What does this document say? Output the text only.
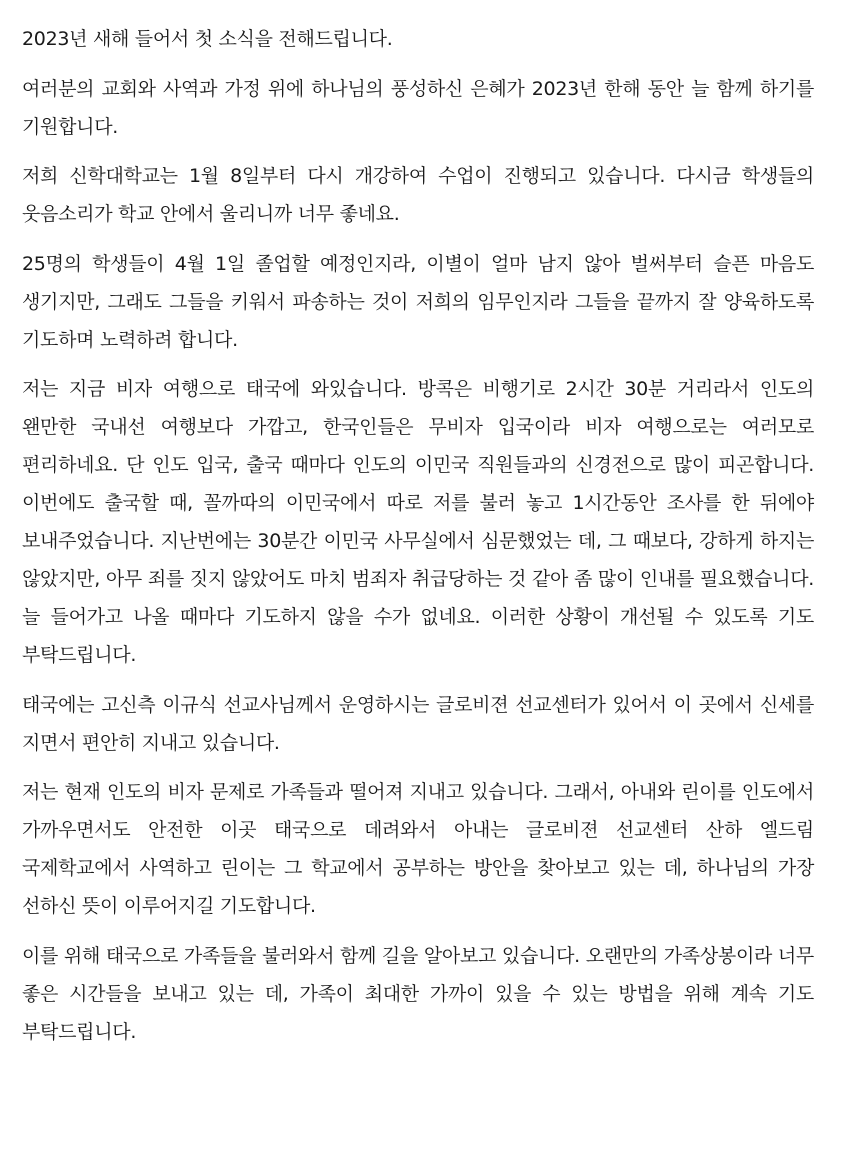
2023년 새해 들어서 첫 소식을 전해드립니다.

여러분의 교회와 사역과 가정 위에 하나님의 풍성하신 은혜가 2023년 한해 동안 늘 함께 하기를 기원합니다.

저희 신학대학교는 1월 8일부터 다시 개강하여 수업이 진행되고 있습니다. 다시금 학생들의 웃음소리가 학교 안에서 울리니까 너무 좋네요.

25명의 학생들이 4월 1일 졸업할 예정인지라, 이별이 얼마 남지 않아 벌써부터 슬픈 마음도 생기지만, 그래도 그들을 키워서 파송하는 것이 저희의 임무인지라 그들을 끝까지 잘 양육하도록 기도하며 노력하려 합니다.

저는 지금 비자 여행으로 태국에 와있습니다. 방콕은 비행기로 2시간 30분 거리라서 인도의 왠만한 국내선 여행보다 가깝고, 한국인들은 무비자 입국이라 비자 여행으로는 여러모로 편리하네요. 단 인도 입국, 출국 때마다 인도의 이민국 직원들과의 신경전으로 많이 피곤합니다. 이번에도 출국할 때, 꼴까따의 이민국에서 따로 저를 불러 놓고 1시간동안 조사를 한 뒤에야 보내주었습니다. 지난번에는 30분간 이민국 사무실에서 심문했었는 데, 그 때보다, 강하게 하지는 않았지만, 아무 죄를 짓지 않았어도 마치 범죄자 취급당하는 것 같아 좀 많이 인내를 필요했습니다. 늘 들어가고 나올 때마다 기도하지 않을 수가 없네요. 이러한 상황이 개선될 수 있도록 기도 부탁드립니다.

태국에는 고신측 이규식 선교사님께서 운영하시는 글로비젼 선교센터가 있어서 이 곳에서 신세를 지면서 편안히 지내고 있습니다.

저는 현재 인도의 비자 문제로 가족들과 떨어져 지내고 있습니다. 그래서, 아내와 린이를 인도에서 가까우면서도 안전한 이곳 태국으로 데려와서 아내는 글로비젼 선교센터 산하 엘드림 국제학교에서 사역하고 린이는 그 학교에서 공부하는 방안을 찾아보고 있는 데, 하나님의 가장 선하신 뜻이 이루어지길 기도합니다.

이를 위해 태국으로 가족들을 불러와서 함께 길을 알아보고 있습니다. 오랜만의 가족상봉이라 너무 좋은 시간들을 보내고 있는 데, 가족이 최대한 가까이 있을 수 있는 방법을 위해 계속 기도 부탁드립니다.
